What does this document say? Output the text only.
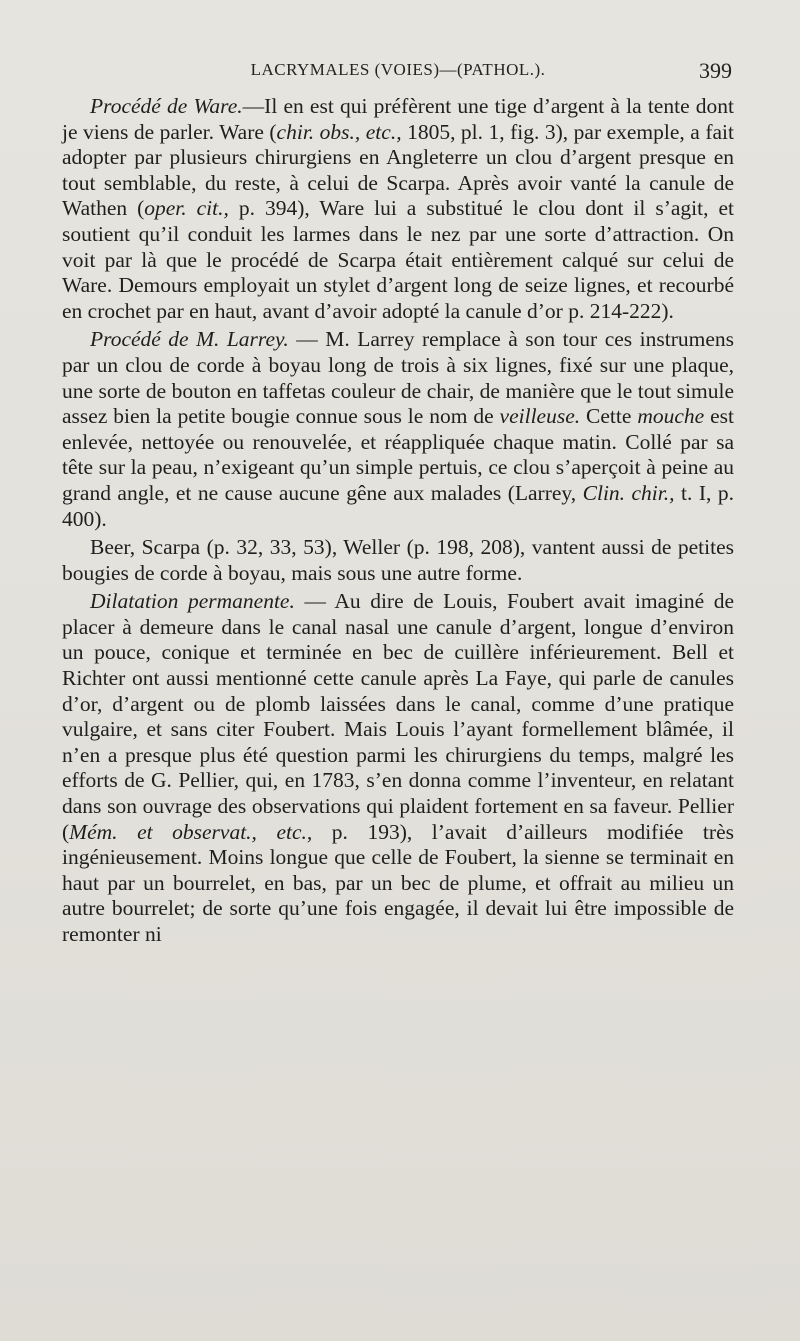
LACRYMALES (VOIES)—(PATHOL.).	399

Procédé de Ware.—Il en est qui préfèrent une tige d’argent à la tente dont je viens de parler. Ware (chir. obs., etc., 1805, pl. 1, fig. 3), par exemple, a fait adopter par plusieurs chirurgiens en Angleterre un clou d’argent presque en tout semblable, du reste, à celui de Scarpa. Après avoir vanté la canule de Wathen (oper. cit., p. 394), Ware lui a substitué le clou dont il s’agit, et soutient qu’il conduit les larmes dans le nez par une sorte d’attraction. On voit par là que le procédé de Scarpa était entièrement calqué sur celui de Ware. Demours employait un stylet d’argent long de seize lignes, et recourbé en crochet par en haut, avant d’avoir adopté la canule d’or p. 214-222).

Procédé de M. Larrey. — M. Larrey remplace à son tour ces instrumens par un clou de corde à boyau long de trois à six lignes, fixé sur une plaque, une sorte de bouton en taffetas couleur de chair, de manière que le tout simule assez bien la petite bougie connue sous le nom de veilleuse. Cette mouche est enlevée, nettoyée ou renouvelée, et réappliquée chaque matin. Collé par sa tête sur la peau, n’exigeant qu’un simple pertuis, ce clou s’aperçoit à peine au grand angle, et ne cause aucune gêne aux malades (Larrey, Clin. chir., t. I, p. 400).

Beer, Scarpa (p. 32, 33, 53), Weller (p. 198, 208), vantent aussi de petites bougies de corde à boyau, mais sous une autre forme.

Dilatation permanente. — Au dire de Louis, Foubert avait imaginé de placer à demeure dans le canal nasal une canule d’argent, longue d’environ un pouce, conique et terminée en bec de cuillère inférieurement. Bell et Richter ont aussi mentionné cette canule après La Faye, qui parle de canules d’or, d’argent ou de plomb laissées dans le canal, comme d’une pratique vulgaire, et sans citer Foubert. Mais Louis l’ayant formellement blâmée, il n’en a presque plus été question parmi les chirurgiens du temps, malgré les efforts de G. Pellier, qui, en 1783, s’en donna comme l’inventeur, en relatant dans son ouvrage des observations qui plaident fortement en sa faveur. Pellier (Mém. et observat., etc., p. 193), l’avait d’ailleurs modifiée très ingénieusement. Moins longue que celle de Foubert, la sienne se terminait en haut par un bourrelet, en bas, par un bec de plume, et offrait au milieu un autre bourrelet; de sorte qu’une fois engagée, il devait lui être impossible de remonter ni
